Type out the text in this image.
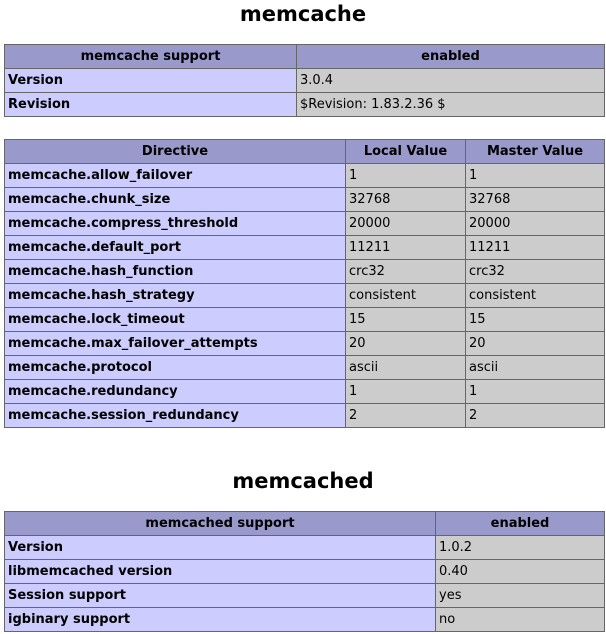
memcache
memcache support	enabled
Version	3.0.4
Revision	$Revision: 1.83.2.36 $
Directive	Local Value	Master Value
memcache.allow_failover	1	1
memcache.chunk_size	32768	32768
memcache.compress_threshold	20000	20000
memcache.default_port	11211	11211
memcache.hash_function	crc32	crc32
memcache.hash_strategy	consistent	consistent
memcache.lock_timeout	15	15
memcache.max_failover_attempts	20	20
memcache.protocol	ascii	ascii
memcache.redundancy	1	1
memcache.session_redundancy	2	2
memcached
memcached support	enabled
Version	1.0.2
libmemcached version	0.40
Session support	yes
igbinary support	no
